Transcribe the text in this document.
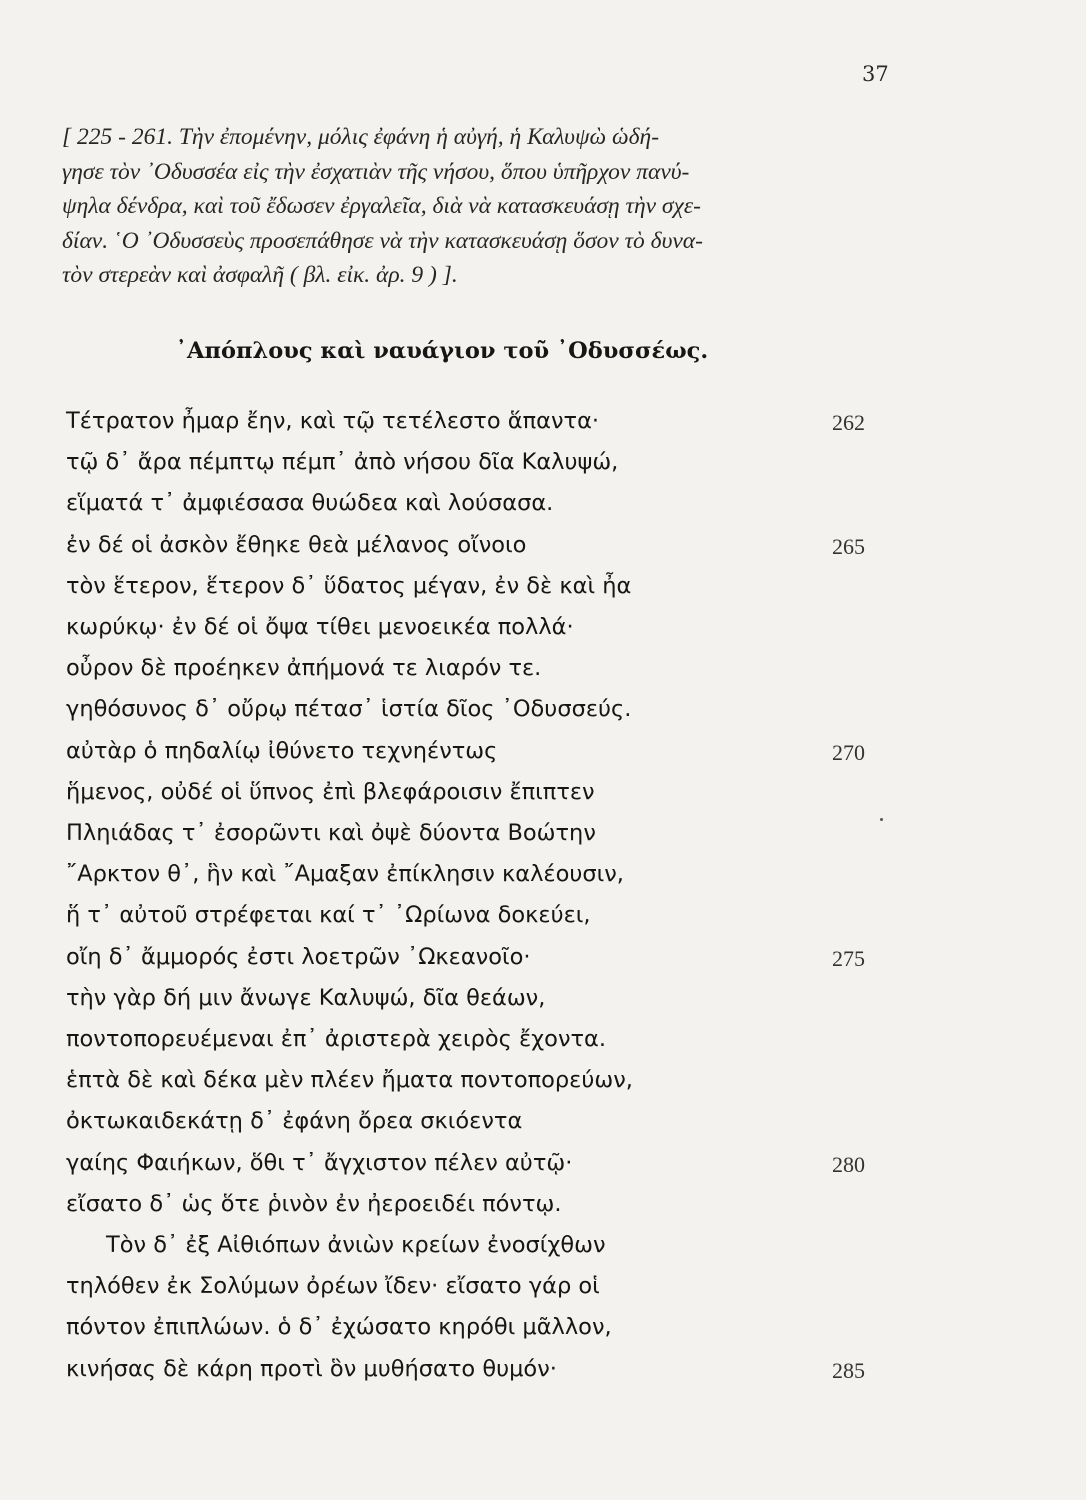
37
[ 225 - 261. Τὴν ἐπομένην, μόλις ἐφάνη ἡ αὐγή, ἡ Καλυψὼ ὡδή-
γησε τὸν ᾿Οδυσσέα εἰς τὴν ἐσχατιὰν τῆς νήσου, ὅπου ὑπῆρχον πανύ-
ψηλα δένδρα, καὶ τοῦ ἔδωσεν ἐργαλεῖα, διὰ νὰ κατασκευάσῃ τὴν σχε-
δίαν. ῾Ο ᾿Οδυσσεὺς προσεπάθησε νὰ τὴν κατασκευάσῃ ὅσον τὸ δυνα-
τὸν στερεὰν καὶ ἀσφαλῆ ( βλ. εἰκ. ἀρ. 9 ) ].
᾿Απόπλους καὶ ναυάγιον τοῦ ᾿Οδυσσέως.
Τέτρατον ἦμαρ ἔην, καὶ τῷ τετέλεστο ἅπαντα·	262
τῷ δ᾿ ἄρα πέμπτῳ πέμπ᾿ ἀπὸ νήσου δῖα Καλυψώ,
εἵματά τ᾿ ἀμφιέσασα θυώδεα καὶ λούσασα.
ἐν δέ οἱ ἀσκὸν ἔθηκε θεὰ μέλανος οἴνοιο	265
τὸν ἕτερον, ἕτερον δ᾿ ὕδατος μέγαν, ἐν δὲ καὶ ἦα
κωρύκῳ· ἐν δέ οἱ ὄψα τίθει μενοεικέα πολλά·
οὖρον δὲ προέηκεν ἀπήμονά τε λιαρόν τε.
γηθόσυνος δ᾿ οὔρῳ πέτασ᾿ ἱστία δῖος ᾿Οδυσσεύς.
αὐτὰρ ὁ πηδαλίῳ ἰθύνετο τεχνηέντως	270
ἥμενος, οὐδέ οἱ ὕπνος ἐπὶ βλεφάροισιν ἔπιπτεν
Πληιάδας τ᾿ ἐσορῶντι καὶ ὀψὲ δύοντα Βοώτην
῎Αρκτον θ᾿, ἣν καὶ ῎Αμαξαν ἐπίκλησιν καλέουσιν,
ἥ τ᾿ αὐτοῦ στρέφεται καί τ᾿ ᾿Ωρίωνα δοκεύει,
οἴη δ᾿ ἄμμορός ἐστι λοετρῶν ᾿Ωκεανοῖο·	275
τὴν γὰρ δή μιν ἄνωγε Καλυψώ, δῖα θεάων,
ποντοπορευέμεναι ἐπ᾿ ἀριστερὰ χειρὸς ἔχοντα.
ἑπτὰ δὲ καὶ δέκα μὲν πλέεν ἤματα ποντοπορεύων,
ὀκτωκαιδεκάτῃ δ᾿ ἐφάνη ὄρεα σκιόεντα
γαίης Φαιήκων, ὅθι τ᾿ ἄγχιστον πέλεν αὐτῷ·	280
εἴσατο δ᾿ ὡς ὅτε ῥινὸν ἐν ἠεροειδέι πόντῳ.
Τὸν δ᾿ ἐξ Αἰθιόπων ἀνιὼν κρείων ἐνοσίχθων
τηλόθεν ἐκ Σολύμων ὀρέων ἴδεν· εἴσατο γάρ οἱ
πόντον ἐπιπλώων. ὁ δ᾿ ἐχώσατο κηρόθι μᾶλλον,
κινήσας δὲ κάρη προτὶ ὃν μυθήσατο θυμόν·	285
